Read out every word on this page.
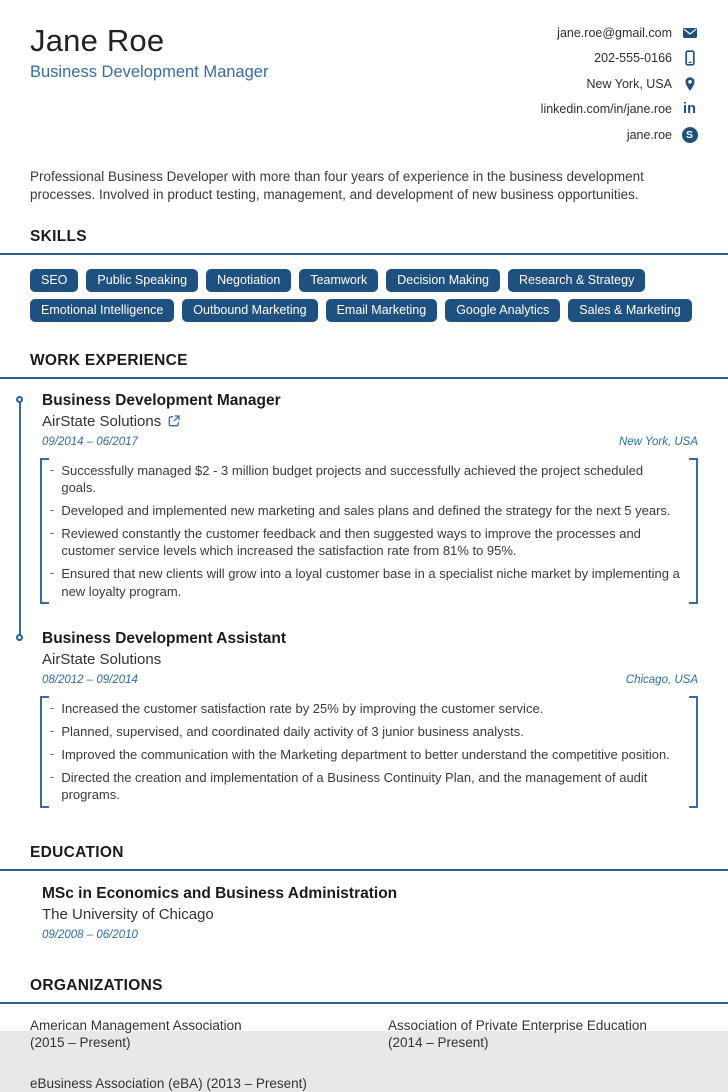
Jane Roe
Business Development Manager
jane.roe@gmail.com
202-555-0166
New York, USA
linkedin.com/in/jane.roe
in
jane.roe
S

Professional Business Developer with more than four years of experience in the business development processes. Involved in product testing, management, and development of new business opportunities.

SKILLS
SEO	Public Speaking	Negotiation	Teamwork	Decision Making	Research & Strategy
Emotional Intelligence	Outbound Marketing	Email Marketing	Google Analytics	Sales & Marketing
WORK EXPERIENCE
Business Development Manager
AirState Solutions
09/2014 – 06/2017	New York, USA
- Successfully managed $2 - 3 million budget projects and successfully achieved the project scheduled goals.
- Developed and implemented new marketing and sales plans and defined the strategy for the next 5 years.
- Reviewed constantly the customer feedback and then suggested ways to improve the processes and customer service levels which increased the satisfaction rate from 81% to 95%.
- Ensured that new clients will grow into a loyal customer base in a specialist niche market by implementing a new loyalty program.
Business Development Assistant
AirState Solutions
08/2012 – 09/2014	Chicago, USA
- Increased the customer satisfaction rate by 25% by improving the customer service.
- Planned, supervised, and coordinated daily activity of 3 junior business analysts.
- Improved the communication with the Marketing department to better understand the competitive position.
- Directed the creation and implementation of a Business Continuity Plan, and the management of audit programs.
EDUCATION
MSc in Economics and Business Administration
The University of Chicago
09/2008 – 06/2010
ORGANIZATIONS
American Management Association
(2015 – Present)
Association of Private Enterprise Education
(2014 – Present)
eBusiness Association (eBA) (2013 – Present)
